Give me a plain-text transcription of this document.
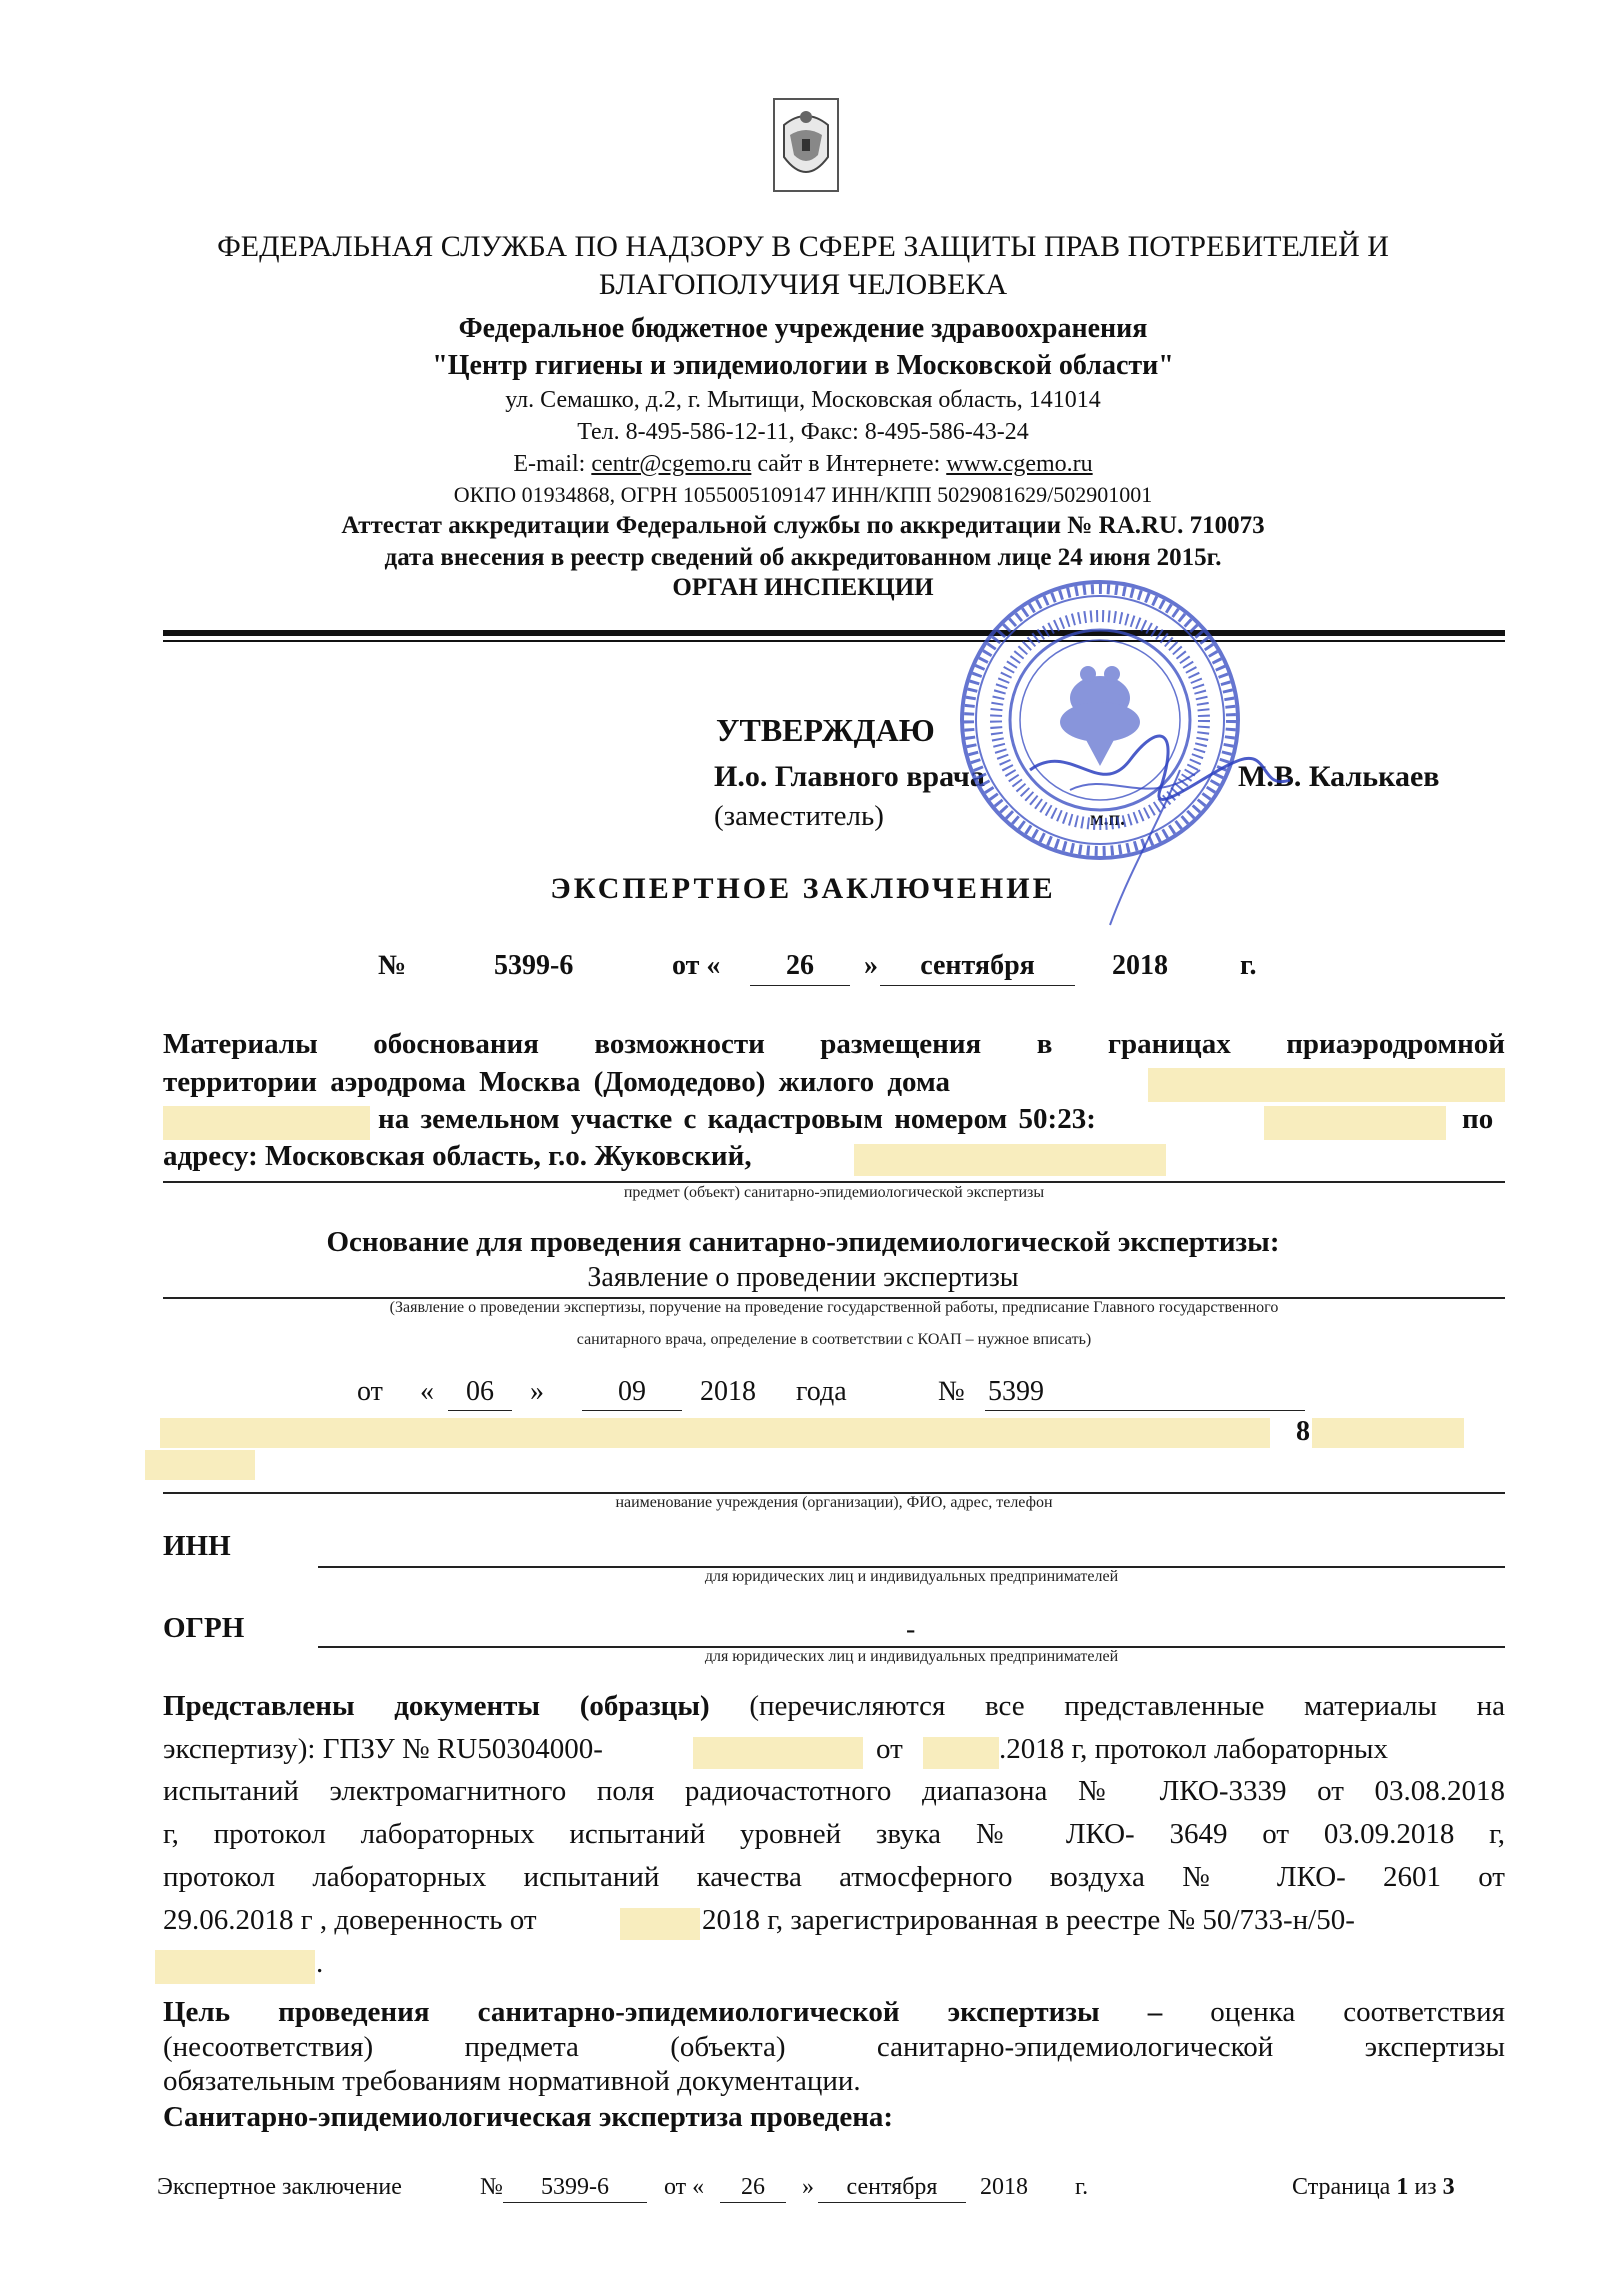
ФЕДЕРАЛЬНАЯ СЛУЖБА ПО НАДЗОРУ В СФЕРЕ ЗАЩИТЫ ПРАВ ПОТРЕБИТЕЛЕЙ И
БЛАГОПОЛУЧИЯ ЧЕЛОВЕКА
Федеральное бюджетное учреждение здравоохранения
"Центр гигиены и эпидемиологии в Московской области"
ул. Семашко, д.2, г. Мытищи, Московская область, 141014
Тел. 8-495-586-12-11, Факс: 8-495-586-43-24
E-mail: centr@cgemo.ru сайт в Интернете: www.cgemo.ru
ОКПО 01934868, ОГРН 1055005109147 ИНН/КПП 5029081629/502901001
Аттестат аккредитации Федеральной службы по аккредитации № RA.RU. 710073
дата внесения в реестр сведений об аккредитованном лице 24 июня 2015г.
ОРГАН ИНСПЕКЦИИ
УТВЕРЖДАЮ
И.о. Главного врача	М.В. Калькаев
(заместитель)	м.п.
ЭКСПЕРТНОЕ ЗАКЛЮЧЕНИЕ
№	5399-6	от «	26	»	сентября	2018	г.
Материалы обоснования возможности размещения в границах приаэродромной
территории аэродрома Москва (Домодедово) жилого дома
на земельном участке с кадастровым номером 50:23:	по
адресу: Московская область, г.о. Жуковский,
предмет (объект) санитарно-эпидемиологической экспертизы
Основание для проведения санитарно-эпидемиологической экспертизы:
Заявление о проведении экспертизы
(Заявление о проведении экспертизы, поручение на проведение государственной работы, предписание Главного государственного
санитарного врача, определение в соответствии с КОАП – нужное вписать)
от «	06	»	09	2018 года	№ 5399
8
наименование учреждения (организации), ФИО, адрес, телефон
ИНН
для юридических лиц и индивидуальных предпринимателей
ОГРН	-
для юридических лиц и индивидуальных предпринимателей
Представлены документы (образцы) (перечисляются все представленные материалы на
экспертизу): ГПЗУ № RU50304000-	от	.2018 г, протокол лабораторных
испытаний электромагнитного поля радиочастотного диапазона № ЛКО-3339 от 03.08.2018
г, протокол лабораторных испытаний уровней звука № ЛКО- 3649 от 03.09.2018 г,
протокол лабораторных испытаний качества атмосферного воздуха № ЛКО- 2601 от
29.06.2018 г , доверенность от	2018 г, зарегистрированная в реестре № 50/733-н/50-
.
Цель проведения санитарно-эпидемиологической экспертизы – оценка соответствия
(несоответствия) предмета (объекта) санитарно-эпидемиологической экспертизы
обязательным требованиям нормативной документации.
Санитарно-эпидемиологическая экспертиза проведена:
Экспертное заключение	№	5399-6	от «	26	»	сентября	2018 г.	Страница 1 из 3
